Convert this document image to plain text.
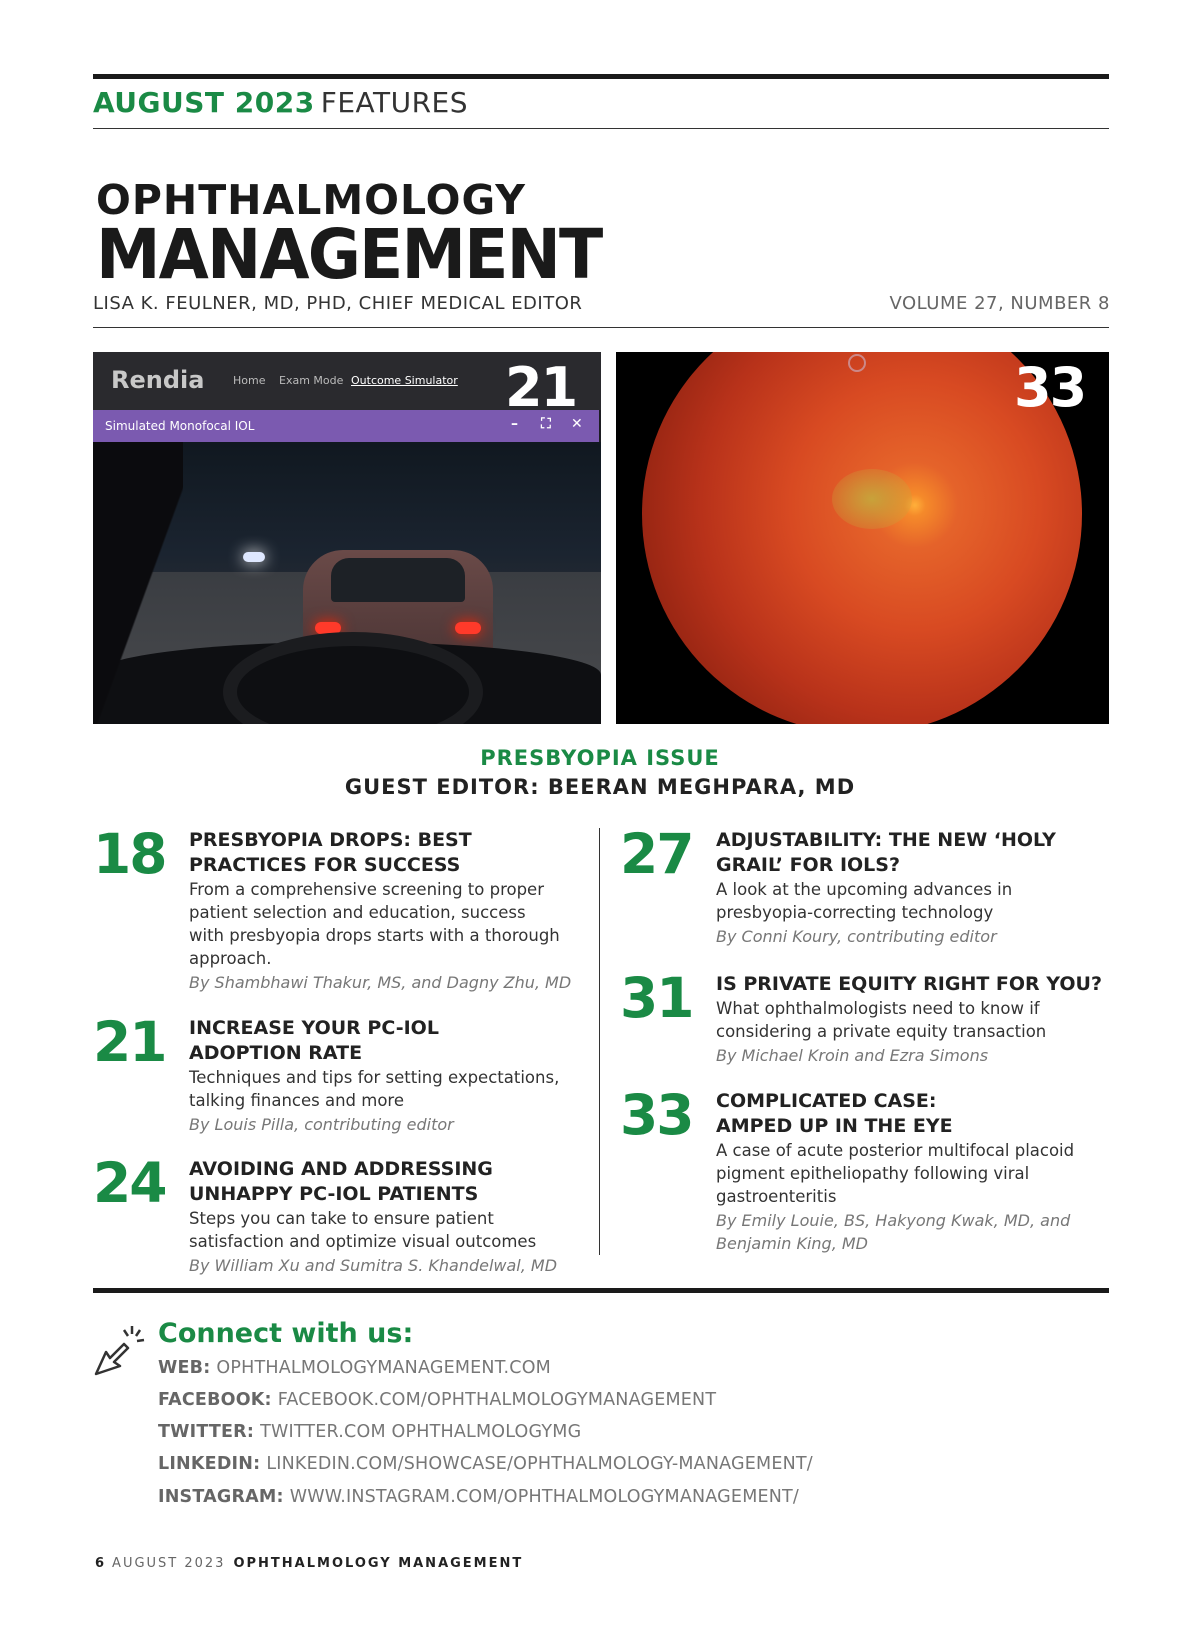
AUGUST 2023 FEATURES
OPHTHALMOLOGY
MANAGEMENT
LISA K. FEULNER, MD, PHD, CHIEF MEDICAL EDITOR	VOLUME 27, NUMBER 8
Rendia	Home Exam Mode Outcome Simulator
Simulated Monofocal IOL	– ⛶ ✕
21	33
PRESBYOPIA ISSUE
GUEST EDITOR: BEERAN MEGHPARA, MD
18 PRESBYOPIA DROPS: BEST
PRACTICES FOR SUCCESS
From a comprehensive screening to proper
patient selection and education, success
with presbyopia drops starts with a thorough
approach.
By Shambhawi Thakur, MS, and Dagny Zhu, MD
21 INCREASE YOUR PC-IOL
ADOPTION RATE
Techniques and tips for setting expectations,
talking finances and more
By Louis Pilla, contributing editor
24 AVOIDING AND ADDRESSING
UNHAPPY PC-IOL PATIENTS
Steps you can take to ensure patient
satisfaction and optimize visual outcomes
By William Xu and Sumitra S. Khandelwal, MD
27 ADJUSTABILITY: THE NEW ‘HOLY
GRAIL’ FOR IOLS?
A look at the upcoming advances in
presbyopia-correcting technology
By Conni Koury, contributing editor
31 IS PRIVATE EQUITY RIGHT FOR YOU?
What ophthalmologists need to know if
considering a private equity transaction
By Michael Kroin and Ezra Simons
33 COMPLICATED CASE:
AMPED UP IN THE EYE
A case of acute posterior multifocal placoid
pigment epitheliopathy following viral
gastroenteritis
By Emily Louie, BS, Hakyong Kwak, MD, and
Benjamin King, MD
Connect with us:
WEB: OPHTHALMOLOGYMANAGEMENT.COM
FACEBOOK: FACEBOOK.COM/OPHTHALMOLOGYMANAGEMENT
TWITTER: TWITTER.COM OPHTHALMOLOGYMG
LINKEDIN: LINKEDIN.COM/SHOWCASE/OPHTHALMOLOGY-MANAGEMENT/
INSTAGRAM: WWW.INSTAGRAM.COM/OPHTHALMOLOGYMANAGEMENT/
6 AUGUST 2023 OPHTHALMOLOGY MANAGEMENT
